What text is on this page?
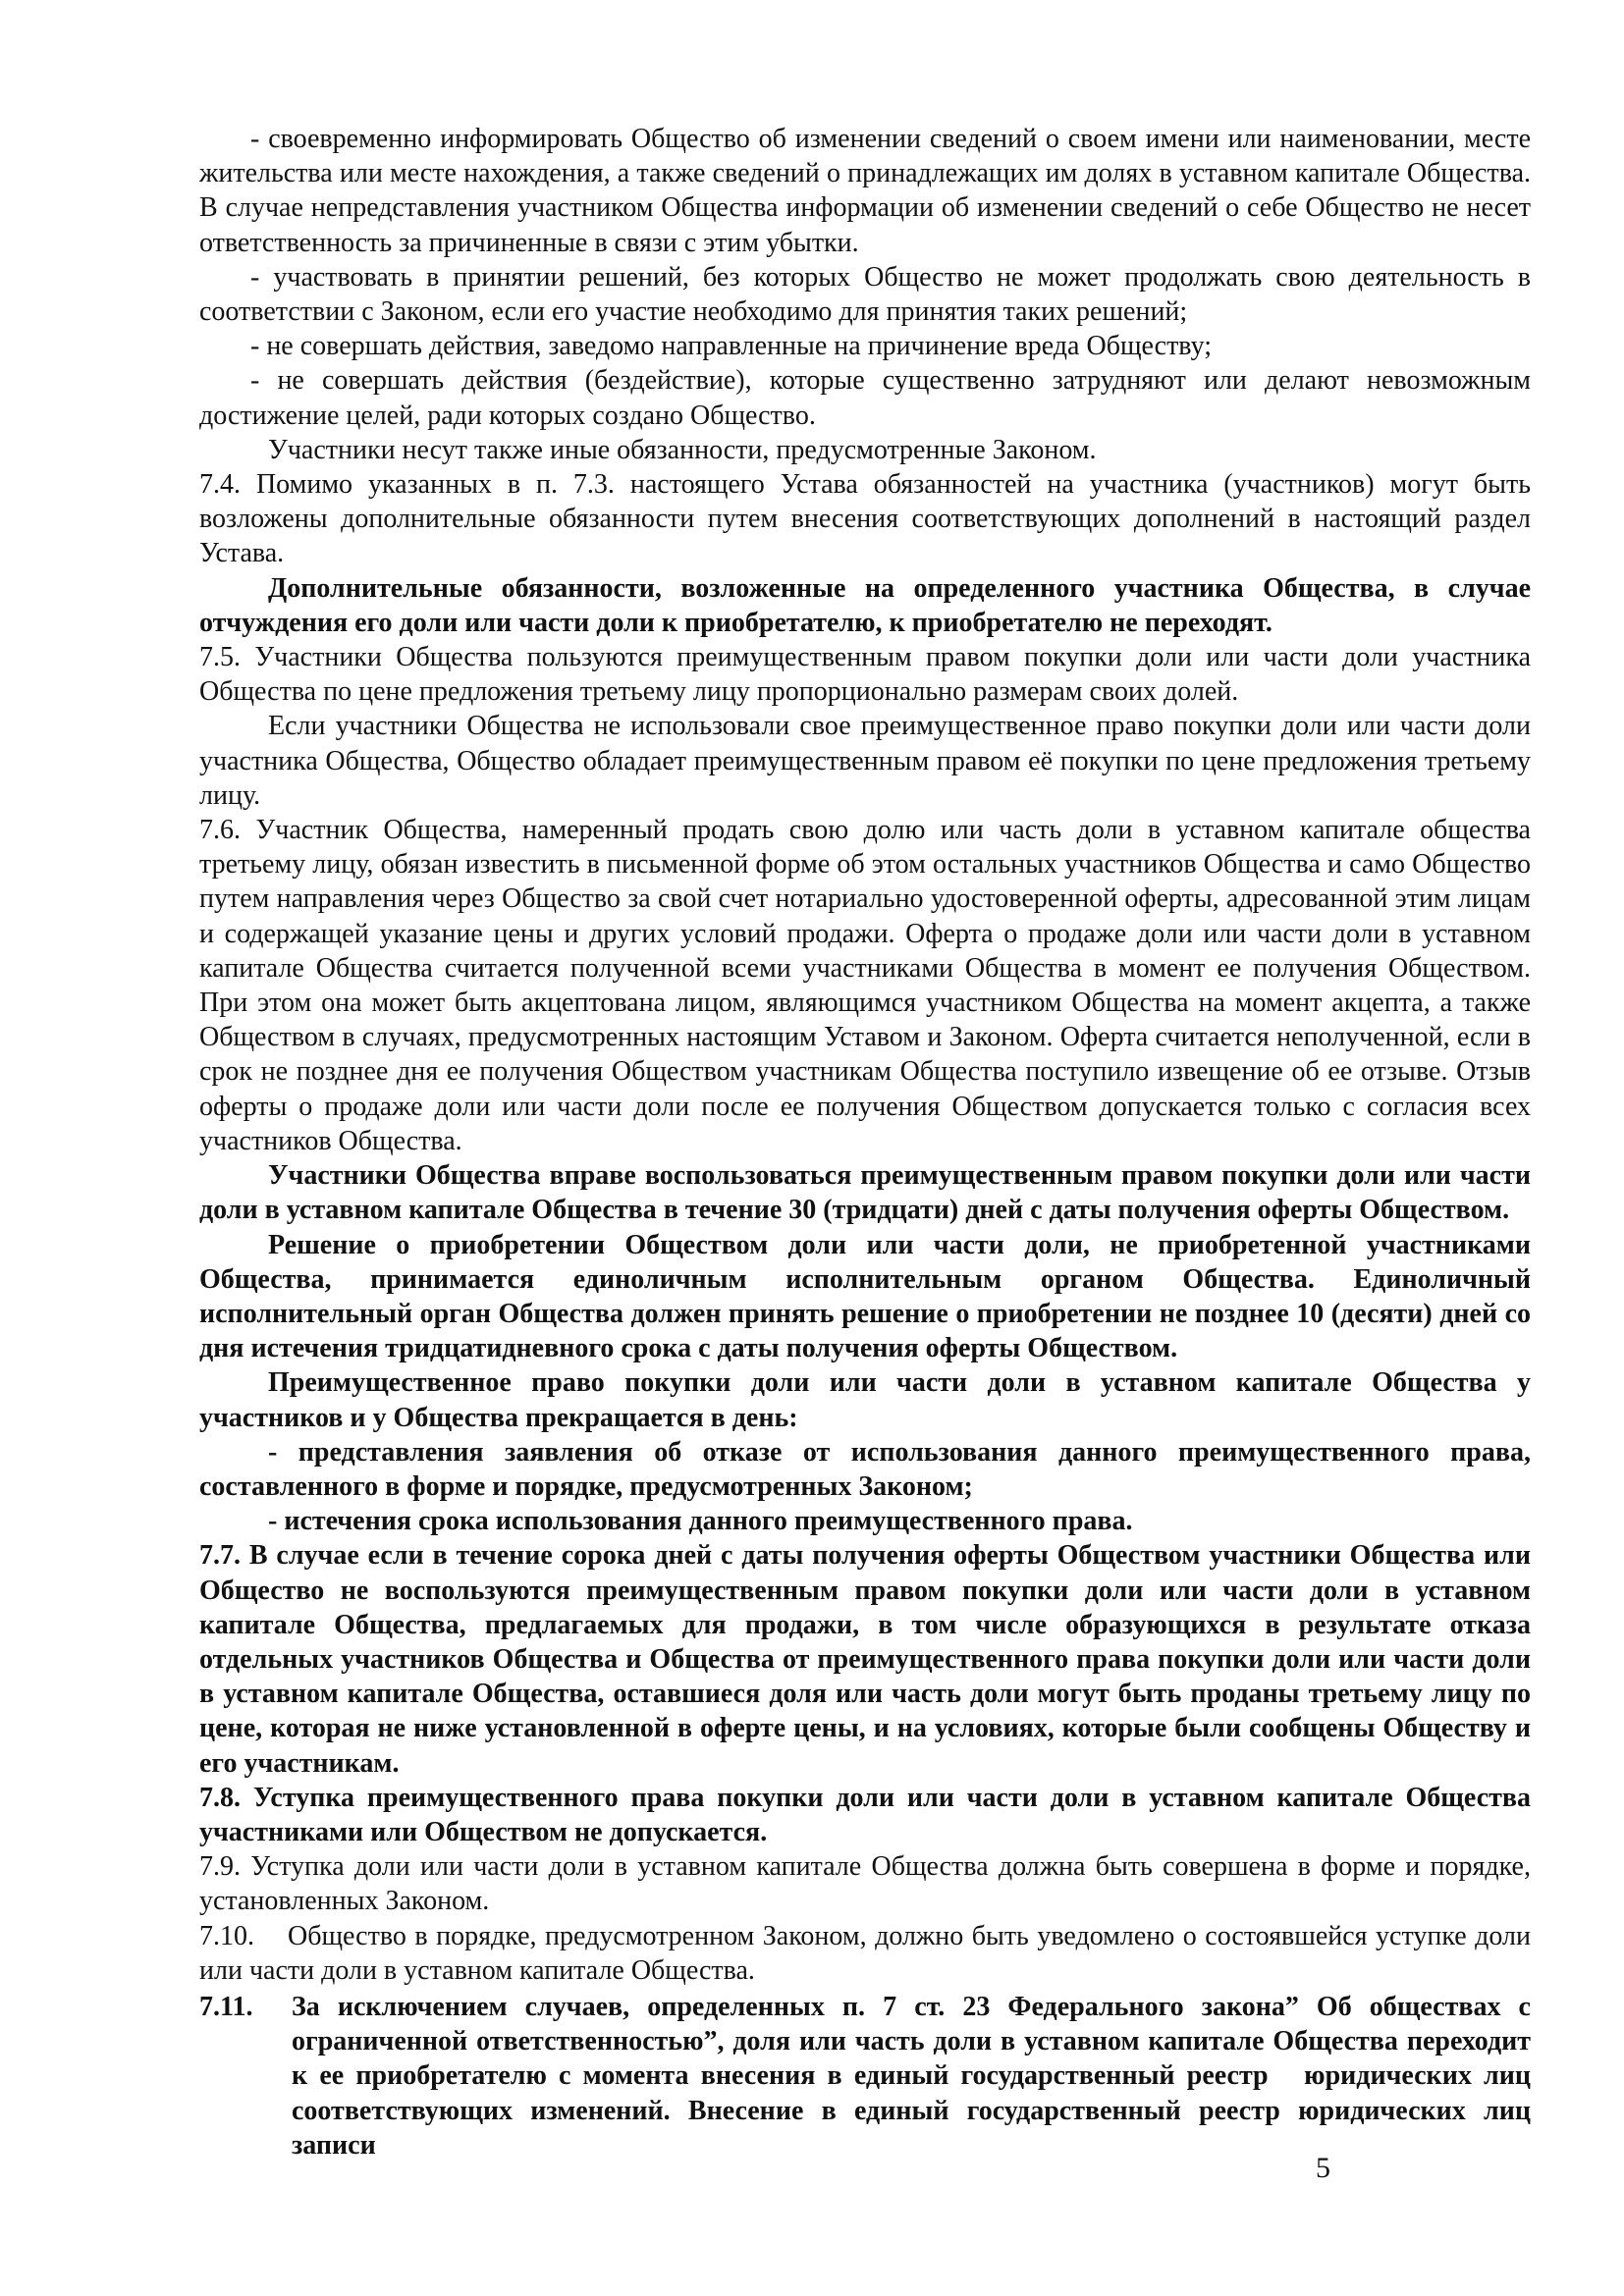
- своевременно информировать Общество об изменении сведений о своем имени или наименовании, месте жительства или месте нахождения, а также сведений о принадлежащих им долях в уставном капитале Общества. В случае непредставления участником Общества информации об изменении сведений о себе Общество не несет ответственность за причиненные в связи с этим убытки.

- участвовать в принятии решений, без которых Общество не может продолжать свою деятельность в соответствии с Законом, если его участие необходимо для принятия таких решений;

- не совершать действия, заведомо направленные на причинение вреда Обществу;

- не совершать действия (бездействие), которые существенно затрудняют или делают невозможным достижение целей, ради которых создано Общество.

Участники несут также иные обязанности, предусмотренные Законом.

7.4. Помимо указанных в п. 7.3. настоящего Устава обязанностей на участника (участников) могут быть возложены дополнительные обязанности путем внесения соответствующих дополнений в настоящий раздел Устава.

Дополнительные обязанности, возложенные на определенного участника Общества, в случае отчуждения его доли или части доли к приобретателю, к приобретателю не переходят.

7.5. Участники Общества пользуются преимущественным правом покупки доли или части доли участника Общества по цене предложения третьему лицу пропорционально размерам своих долей.

Если участники Общества не использовали свое преимущественное право покупки доли или части доли участника Общества, Общество обладает преимущественным правом её покупки по цене предложения третьему лицу.

7.6. Участник Общества, намеренный продать свою долю или часть доли в уставном капитале общества третьему лицу, обязан известить в письменной форме об этом остальных участников Общества и само Общество путем направления через Общество за свой счет нотариально удостоверенной оферты, адресованной этим лицам и содержащей указание цены и других условий продажи. Оферта о продаже доли или части доли в уставном капитале Общества считается полученной всеми участниками Общества в момент ее получения Обществом. При этом она может быть акцептована лицом, являющимся участником Общества на момент акцепта, а также Обществом в случаях, предусмотренных настоящим Уставом и Законом. Оферта считается неполученной, если в срок не позднее дня ее получения Обществом участникам Общества поступило извещение об ее отзыве. Отзыв оферты о продаже доли или части доли после ее получения Обществом допускается только с согласия всех участников Общества.

Участники Общества вправе воспользоваться преимущественным правом покупки доли или части доли в уставном капитале Общества в течение 30 (тридцати) дней с даты получения оферты Обществом.

Решение о приобретении Обществом доли или части доли, не приобретенной участниками Общества, принимается единоличным исполнительным органом Общества. Единоличный исполнительный орган Общества должен принять решение о приобретении не позднее 10 (десяти) дней со дня истечения тридцатидневного срока с даты получения оферты Обществом.

Преимущественное право покупки доли или части доли в уставном капитале Общества у участников и у Общества прекращается в день:

- представления заявления об отказе от использования данного преимущественного права, составленного в форме и порядке, предусмотренных Законом;

- истечения срока использования данного преимущественного права.

7.7. В случае если в течение сорока дней с даты получения оферты Обществом участники Общества или Общество не воспользуются преимущественным правом покупки доли или части доли в уставном капитале Общества, предлагаемых для продажи, в том числе образующихся в результате отказа отдельных участников Общества и Общества от преимущественного права покупки доли или части доли в уставном капитале Общества, оставшиеся доля или часть доли могут быть проданы третьему лицу по цене, которая не ниже установленной в оферте цены, и на условиях, которые были сообщены Обществу и его участникам.

7.8. Уступка преимущественного права покупки доли или части доли в уставном капитале Общества участниками или Обществом не допускается.

7.9. Уступка доли или части доли в уставном капитале Общества должна быть совершена в форме и порядке, установленных Законом.

7.10.    Общество в порядке, предусмотренном Законом, должно быть уведомлено о состоявшейся уступке доли или части доли в уставном капитале Общества.

7.11.	За исключением случаев, определенных п. 7 ст. 23 Федерального закона” Об обществах с ограниченной ответственностью”, доля или часть доли в уставном капитале Общества переходит к ее приобретателю с момента внесения в единый государственный реестр   юридических лиц соответствующих изменений. Внесение в единый государственный реестр юридических лиц записи
5
